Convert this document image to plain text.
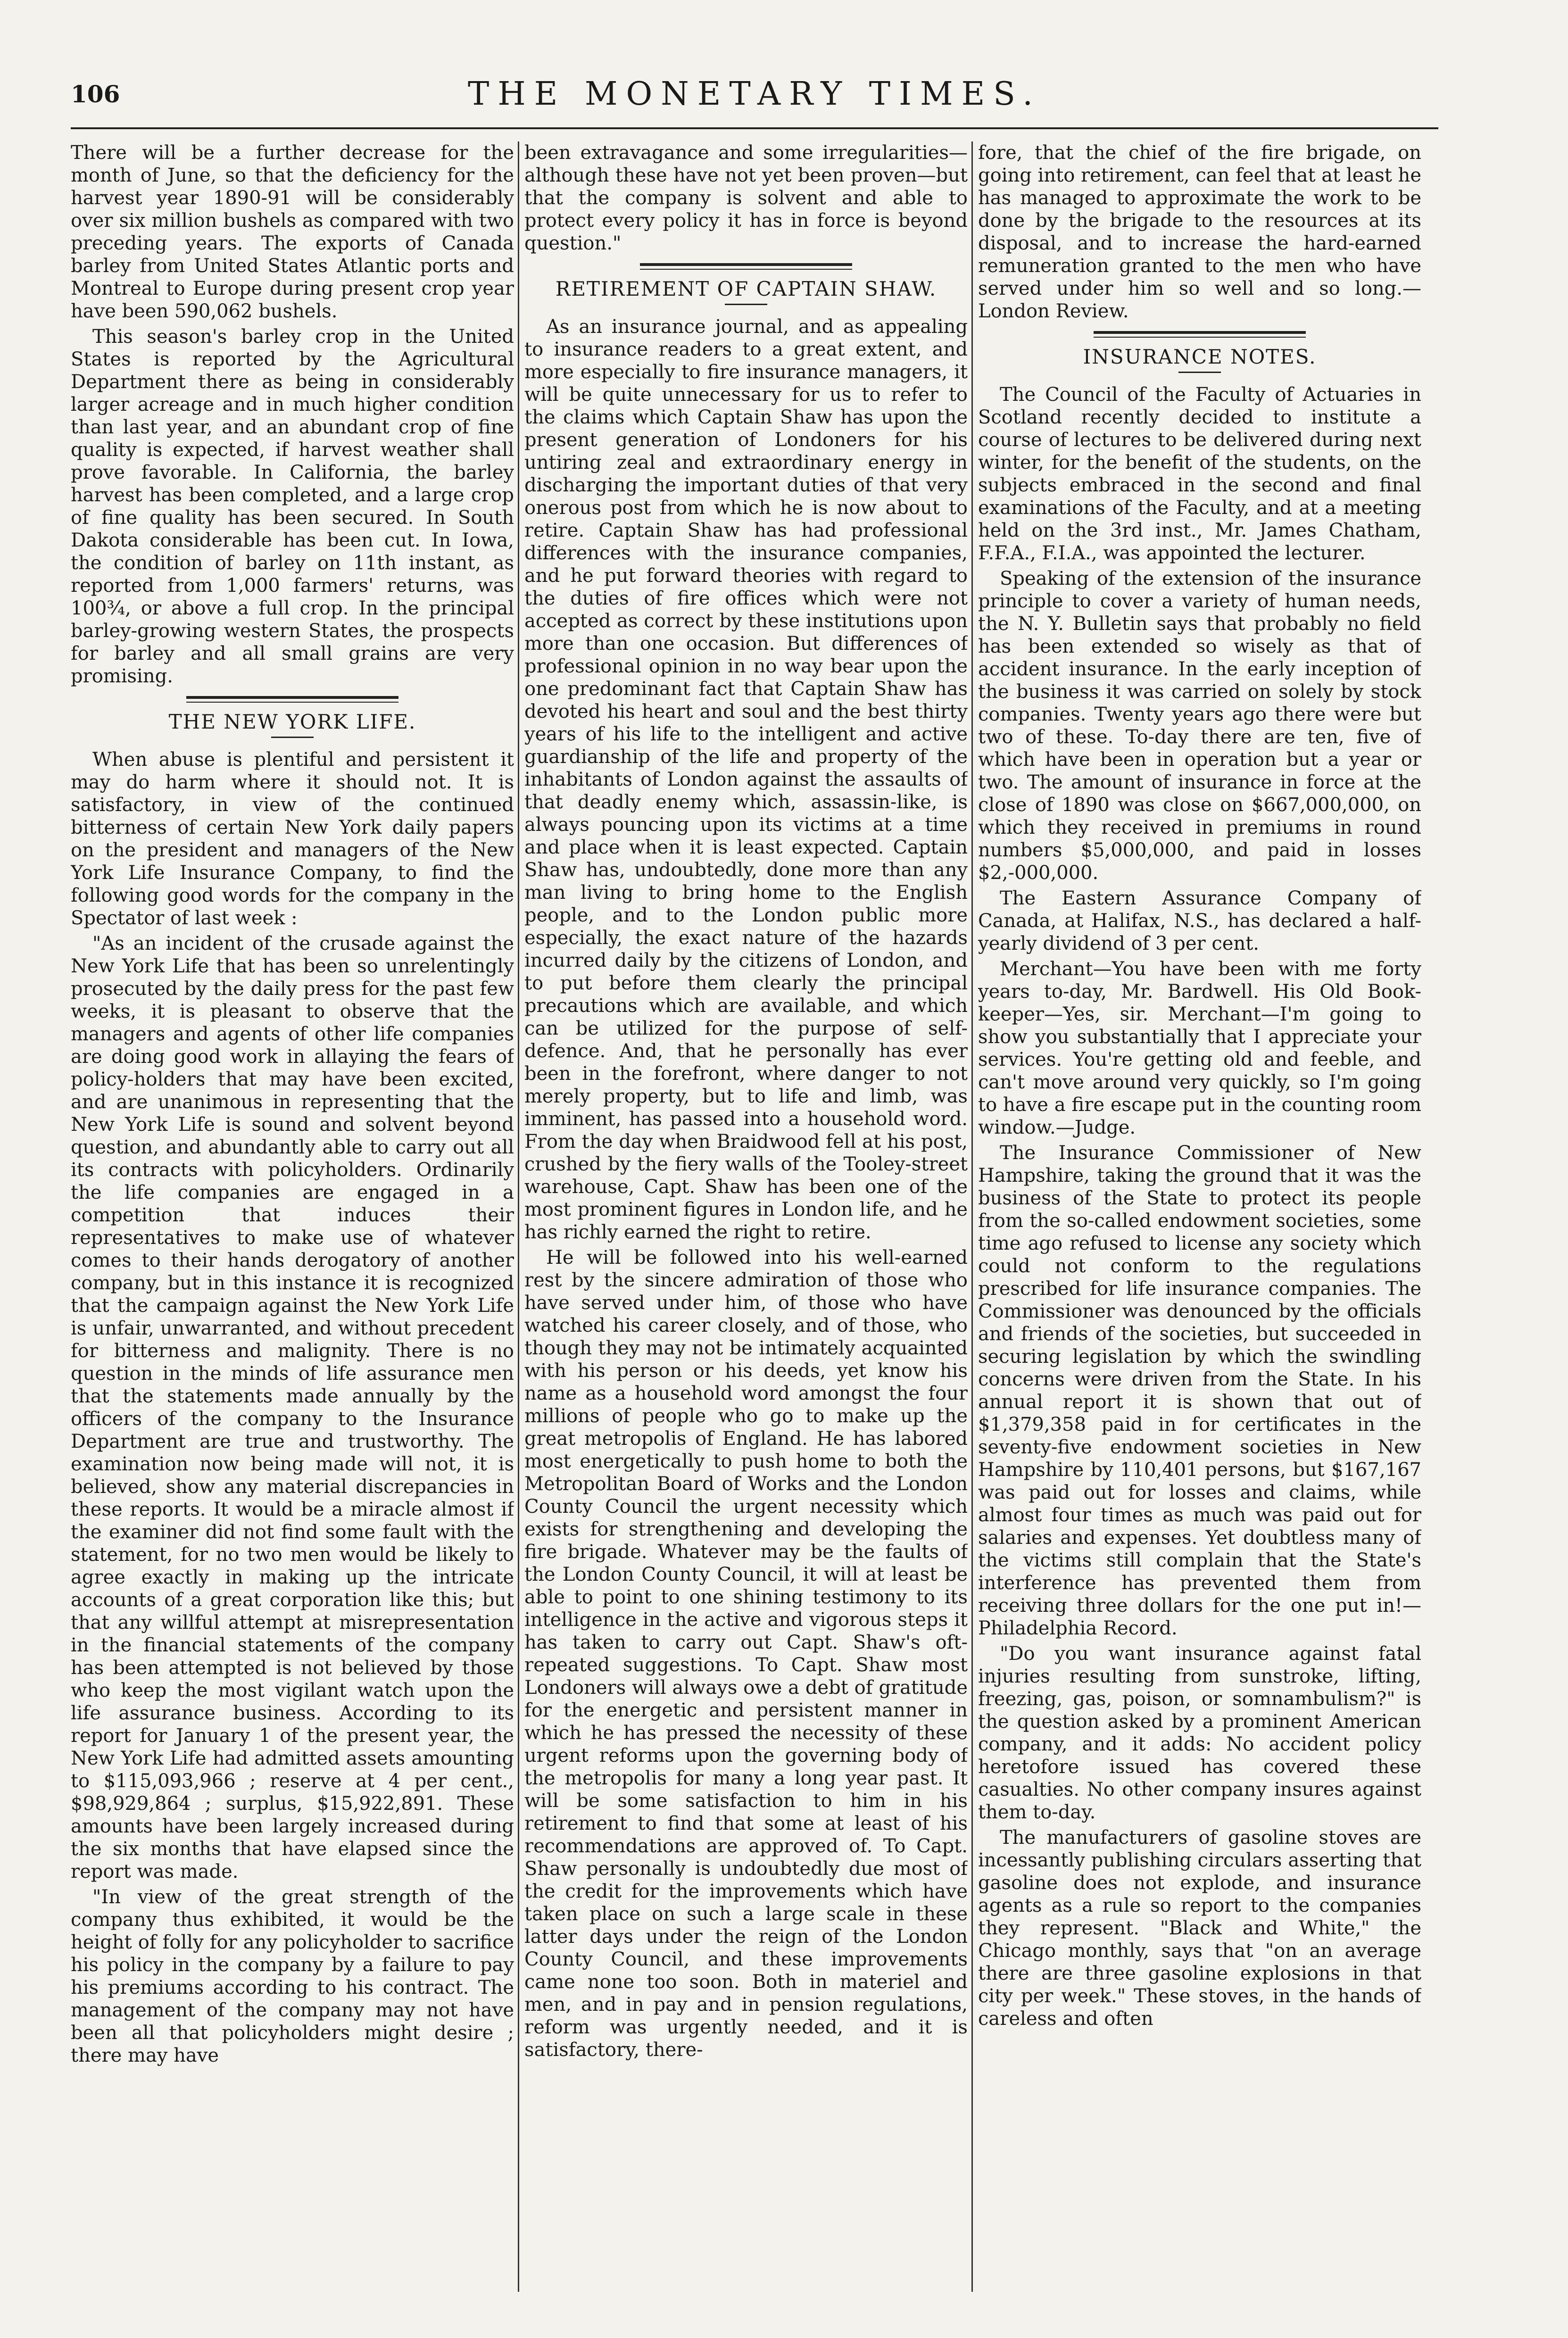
106	THE MONETARY TIMES.

There will be a further decrease for the month of June, so that the deficiency for the harvest year 1890-91 will be considerably over six million bushels as compared with two preceding years. The exports of Canada barley from United States Atlantic ports and Montreal to Europe during present crop year have been 590,062 bushels.

This season's barley crop in the United States is reported by the Agricultural Department there as being in considerably larger acreage and in much higher condition than last year, and an abundant crop of fine quality is expected, if harvest weather shall prove favorable. In California, the barley harvest has been completed, and a large crop of fine quality has been secured. In South Dakota considerable has been cut. In Iowa, the condition of barley on 11th instant, as reported from 1,000 farmers' returns, was 100¾, or above a full crop. In the principal barley-growing western States, the prospects for barley and all small grains are very promising.

THE NEW YORK LIFE.

When abuse is plentiful and persistent it may do harm where it should not. It is satisfactory, in view of the continued bitterness of certain New York daily papers on the president and managers of the New York Life Insurance Company, to find the following good words for the company in the Spectator of last week :

"As an incident of the crusade against the New York Life that has been so unrelentingly prosecuted by the daily press for the past few weeks, it is pleasant to observe that the managers and agents of other life companies are doing good work in allaying the fears of policy-holders that may have been excited, and are unanimous in representing that the New York Life is sound and solvent beyond question, and abundantly able to carry out all its contracts with policyholders. Ordinarily the life companies are engaged in a competition that induces their representatives to make use of whatever comes to their hands derogatory of another company, but in this instance it is recognized that the campaign against the New York Life is unfair, unwarranted, and without precedent for bitterness and malignity. There is no question in the minds of life assurance men that the statements made annually by the officers of the company to the Insurance Department are true and trustworthy. The examination now being made will not, it is believed, show any material discrepancies in these reports. It would be a miracle almost if the examiner did not find some fault with the statement, for no two men would be likely to agree exactly in making up the intricate accounts of a great corporation like this; but that any willful attempt at misrepresentation in the financial statements of the company has been attempted is not believed by those who keep the most vigilant watch upon the life assurance business. According to its report for January 1 of the present year, the New York Life had admitted assets amounting to $115,093,966 ; reserve at 4 per cent., $98,929,864 ; surplus, $15,922,891. These amounts have been largely increased during the six months that have elapsed since the report was made.

"In view of the great strength of the company thus exhibited, it would be the height of folly for any policyholder to sacrifice his policy in the company by a failure to pay his premiums according to his contract. The management of the company may not have been all that policyholders might desire ; there may have

been extravagance and some irregularities—although these have not yet been proven—but that the company is solvent and able to protect every policy it has in force is beyond question."

RETIREMENT OF CAPTAIN SHAW.

As an insurance journal, and as appealing to insurance readers to a great extent, and more especially to fire insurance managers, it will be quite unnecessary for us to refer to the claims which Captain Shaw has upon the present generation of Londoners for his untiring zeal and extraordinary energy in discharging the important duties of that very onerous post from which he is now about to retire. Captain Shaw has had professional differences with the insurance companies, and he put forward theories with regard to the duties of fire offices which were not accepted as correct by these institutions upon more than one occasion. But differences of professional opinion in no way bear upon the one predominant fact that Captain Shaw has devoted his heart and soul and the best thirty years of his life to the intelligent and active guardianship of the life and property of the inhabitants of London against the assaults of that deadly enemy which, assassin-like, is always pouncing upon its victims at a time and place when it is least expected. Captain Shaw has, undoubtedly, done more than any man living to bring home to the English people, and to the London public more especially, the exact nature of the hazards incurred daily by the citizens of London, and to put before them clearly the principal precautions which are available, and which can be utilized for the purpose of self-defence. And, that he personally has ever been in the forefront, where danger to not merely property, but to life and limb, was imminent, has passed into a household word. From the day when Braidwood fell at his post, crushed by the fiery walls of the Tooley-street warehouse, Capt. Shaw has been one of the most prominent figures in London life, and he has richly earned the right to retire.

He will be followed into his well-earned rest by the sincere admiration of those who have served under him, of those who have watched his career closely, and of those, who though they may not be intimately acquainted with his person or his deeds, yet know his name as a household word amongst the four millions of people who go to make up the great metropolis of England. He has labored most energetically to push home to both the Metropolitan Board of Works and the London County Council the urgent necessity which exists for strengthening and developing the fire brigade. Whatever may be the faults of the London County Council, it will at least be able to point to one shining testimony to its intelligence in the active and vigorous steps it has taken to carry out Capt. Shaw's oft-repeated suggestions. To Capt. Shaw most Londoners will always owe a debt of gratitude for the energetic and persistent manner in which he has pressed the necessity of these urgent reforms upon the governing body of the metropolis for many a long year past. It will be some satisfaction to him in his retirement to find that some at least of his recommendations are approved of. To Capt. Shaw personally is undoubtedly due most of the credit for the improvements which have taken place on such a large scale in these latter days under the reign of the London County Council, and these improvements came none too soon. Both in materiel and men, and in pay and in pension regulations, reform was urgently needed, and it is satisfactory, there-

fore, that the chief of the fire brigade, on going into retirement, can feel that at least he has managed to approximate the work to be done by the brigade to the resources at its disposal, and to increase the hard-earned remuneration granted to the men who have served under him so well and so long.—London Review.

INSURANCE NOTES.

The Council of the Faculty of Actuaries in Scotland recently decided to institute a course of lectures to be delivered during next winter, for the benefit of the students, on the subjects embraced in the second and final examinations of the Faculty, and at a meeting held on the 3rd inst., Mr. James Chatham, F.F.A., F.I.A., was appointed the lecturer.

Speaking of the extension of the insurance principle to cover a variety of human needs, the N. Y. Bulletin says that probably no field has been extended so wisely as that of accident insurance. In the early inception of the business it was carried on solely by stock companies. Twenty years ago there were but two of these. To-day there are ten, five of which have been in operation but a year or two. The amount of insurance in force at the close of 1890 was close on $667,000,000, on which they received in premiums in round numbers $5,000,000, and paid in losses $2,-000,000.

The Eastern Assurance Company of Canada, at Halifax, N.S., has declared a half-yearly dividend of 3 per cent.

Merchant—You have been with me forty years to-day, Mr. Bardwell. His Old Book-keeper—Yes, sir. Merchant—I'm going to show you substantially that I appreciate your services. You're getting old and feeble, and can't move around very quickly, so I'm going to have a fire escape put in the counting room window.—Judge.

The Insurance Commissioner of New Hampshire, taking the ground that it was the business of the State to protect its people from the so-called endowment societies, some time ago refused to license any society which could not conform to the regulations prescribed for life insurance companies. The Commissioner was denounced by the officials and friends of the societies, but succeeded in securing legislation by which the swindling concerns were driven from the State. In his annual report it is shown that out of $1,379,358 paid in for certificates in the seventy-five endowment societies in New Hampshire by 110,401 persons, but $167,167 was paid out for losses and claims, while almost four times as much was paid out for salaries and expenses. Yet doubtless many of the victims still complain that the State's interference has prevented them from receiving three dollars for the one put in!—Philadelphia Record.

"Do you want insurance against fatal injuries resulting from sunstroke, lifting, freezing, gas, poison, or somnambulism?" is the question asked by a prominent American company, and it adds: No accident policy heretofore issued has covered these casualties. No other company insures against them to-day.

The manufacturers of gasoline stoves are incessantly publishing circulars asserting that gasoline does not explode, and insurance agents as a rule so report to the companies they represent. "Black and White," the Chicago monthly, says that "on an average there are three gasoline explosions in that city per week." These stoves, in the hands of careless and often
